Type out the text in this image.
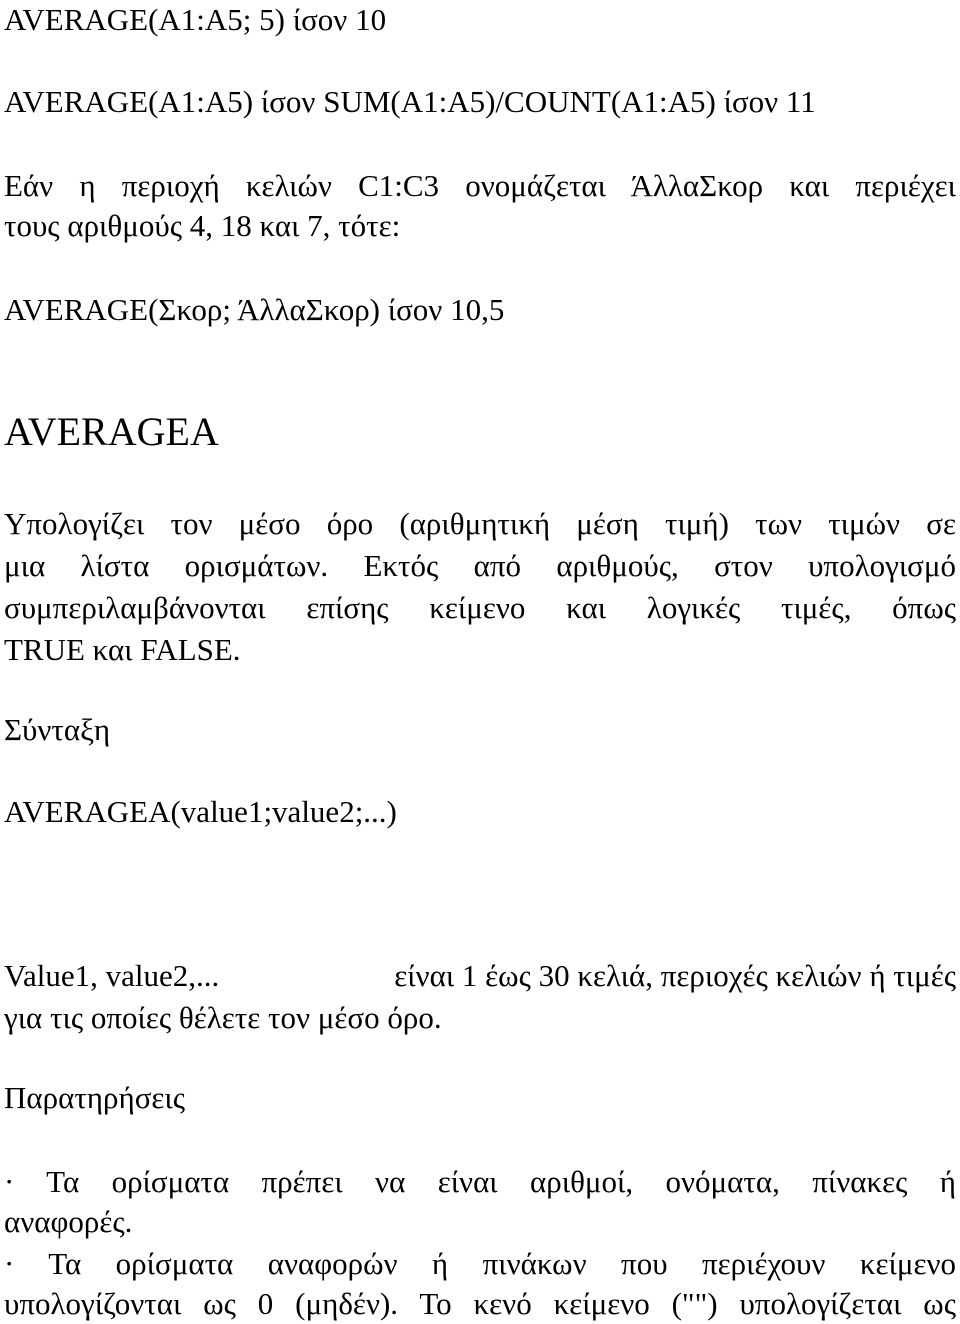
AVERAGE(A1:A5; 5) ίσον 10
AVERAGE(A1:A5) ίσον SUM(A1:A5)/COUNT(A1:A5) ίσον 11
Εάν η περιοχή κελιών C1:C3 ονομάζεται ΆλλαΣκορ και περιέχει
τους αριθμούς 4, 18 και 7, τότε:
AVERAGE(Σκορ; ΆλλαΣκορ) ίσον 10,5
AVERAGEA
Υπολογίζει τον μέσο όρο (αριθμητική μέση τιμή) των τιμών σε
μια λίστα ορισμάτων. Εκτός από αριθμούς, στον υπολογισμό
συμπεριλαμβάνονται επίσης κείμενο και λογικές τιμές, όπως
TRUE και FALSE.
Σύνταξη
AVERAGEA(value1;value2;...)
Value1, value2,...	είναι 1 έως 30 κελιά, περιοχές κελιών ή τιμές
για τις οποίες θέλετε τον μέσο όρο.
Παρατηρήσεις
· Τα ορίσματα πρέπει να είναι αριθμοί, ονόματα, πίνακες ή
αναφορές.
· Τα ορίσματα αναφορών ή πινάκων που περιέχουν κείμενο
υπολογίζονται ως 0 (μηδέν). Το κενό κείμενο ("") υπολογίζεται ως
